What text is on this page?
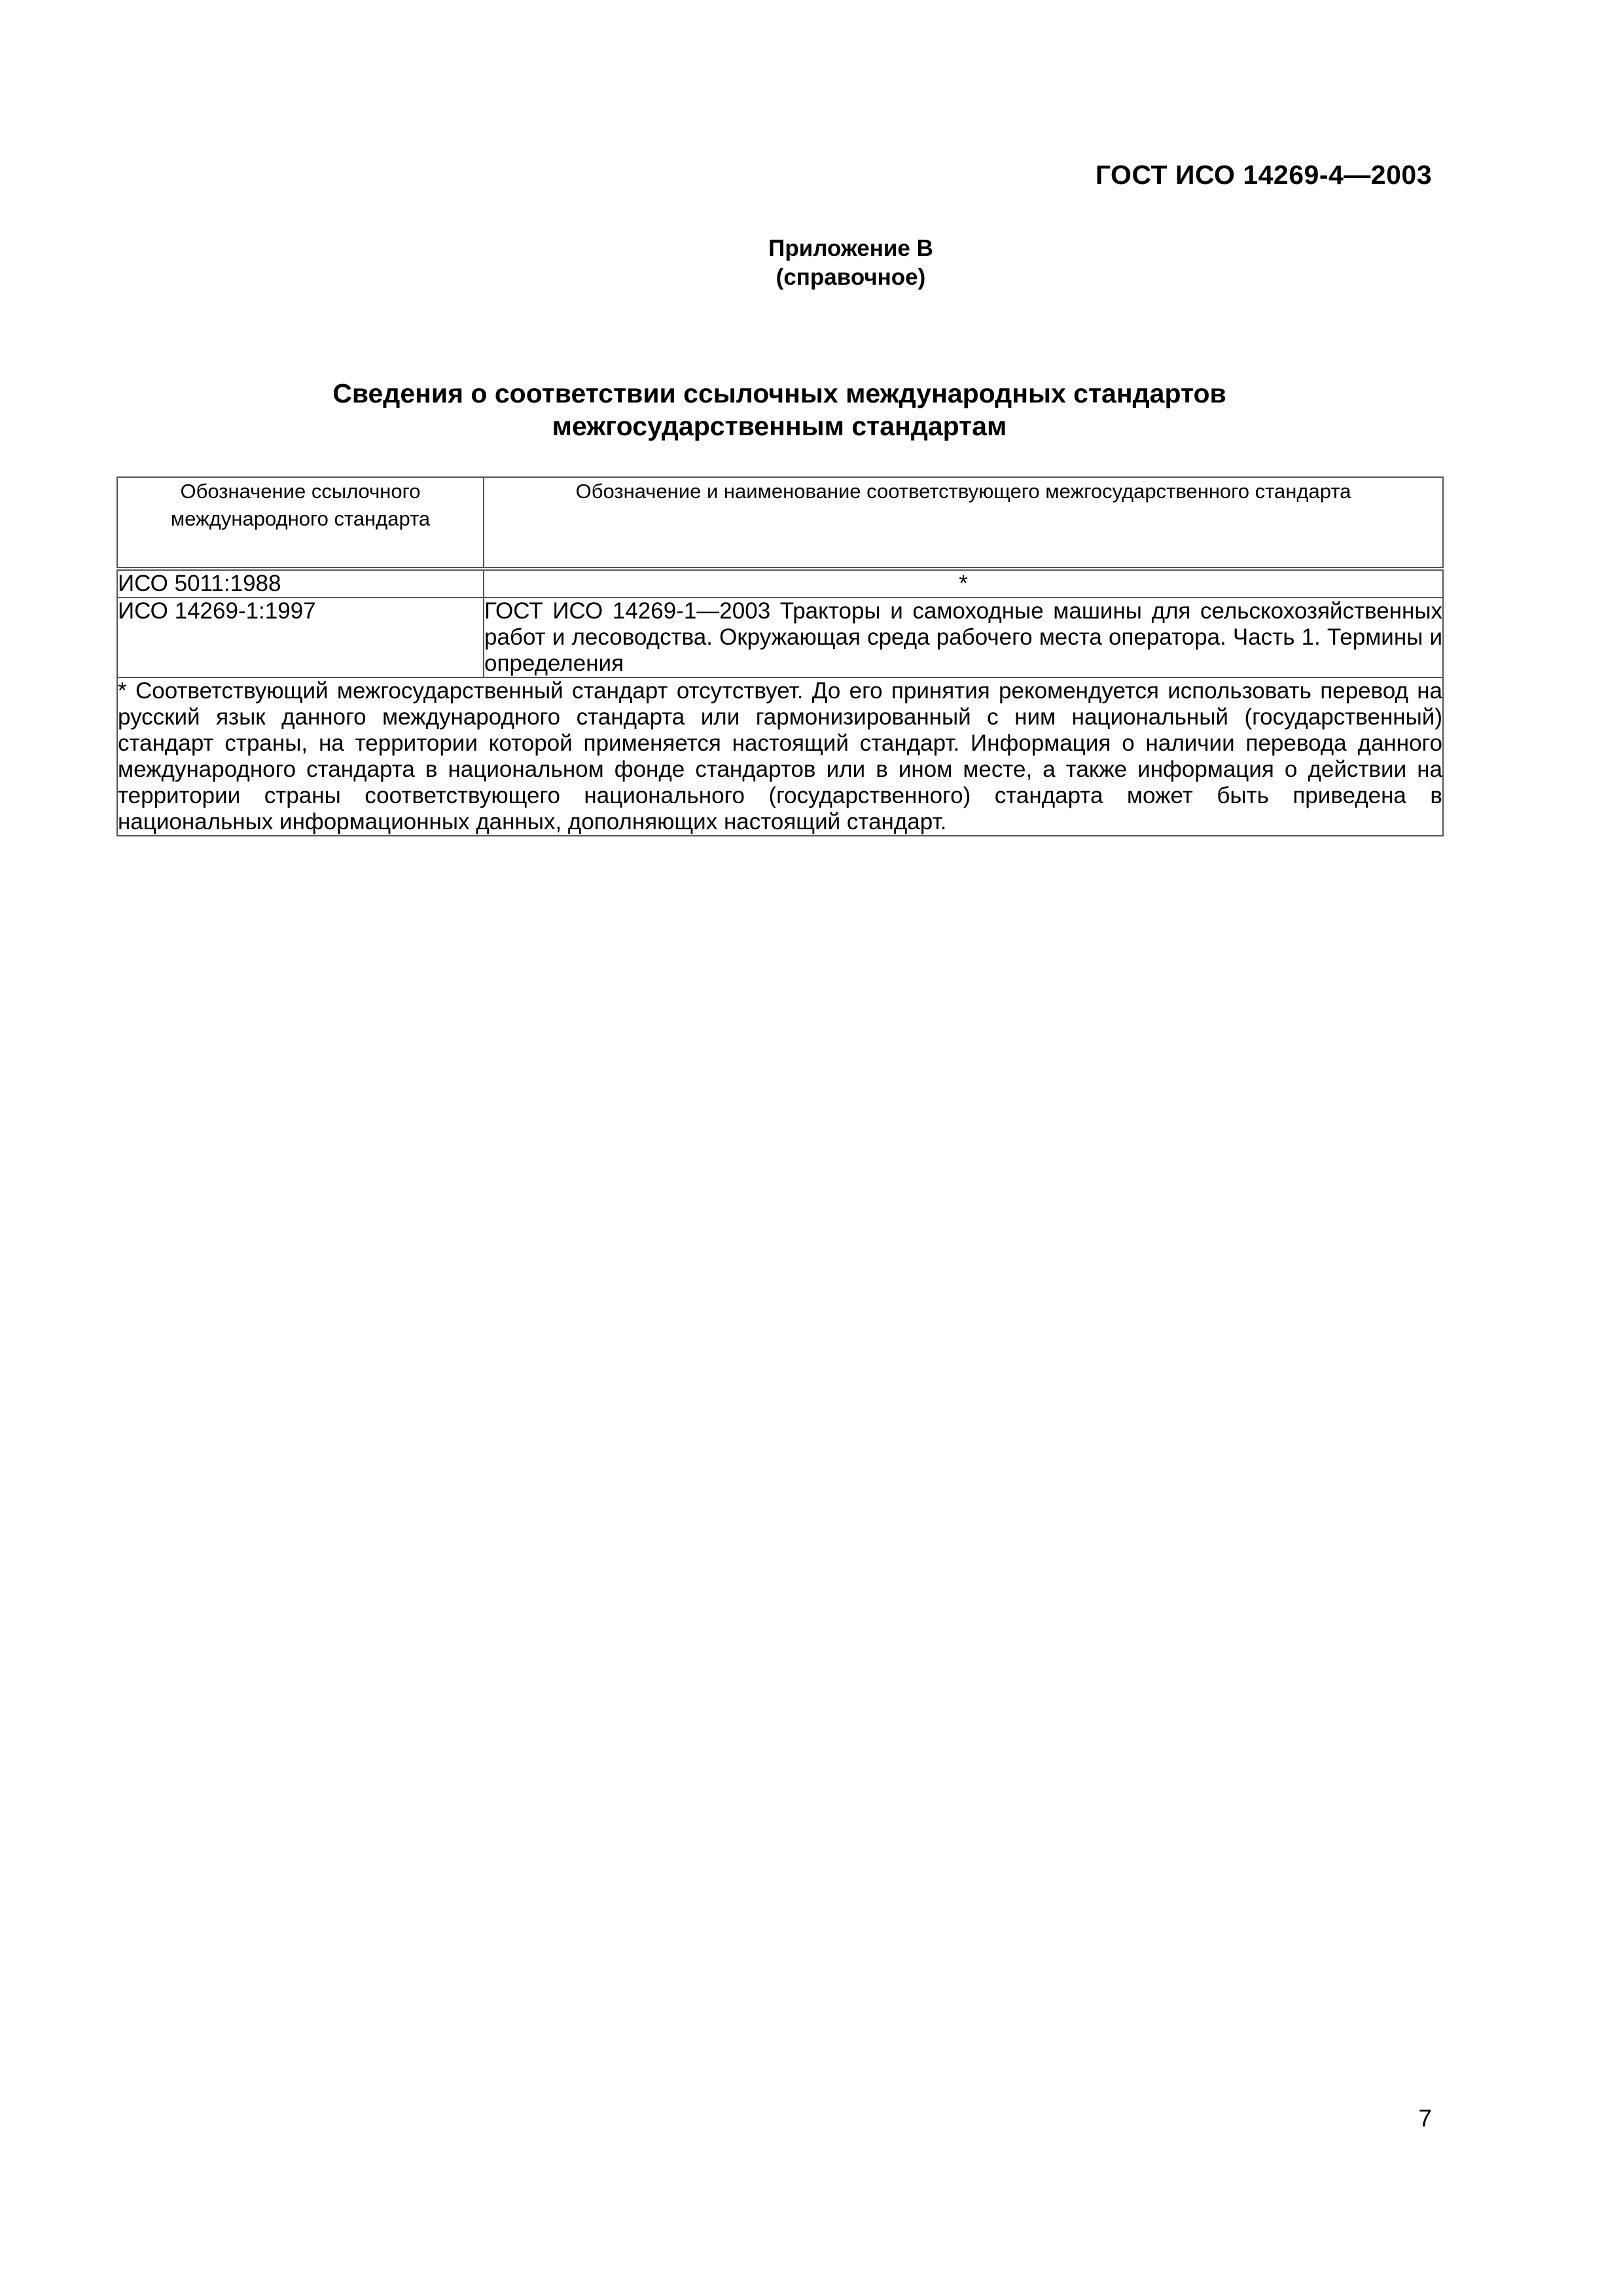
ГОСТ ИСО 14269-4—2003
Приложение В
(справочное)
Сведения о соответствии ссылочных международных стандартов
межгосударственным стандартам
Обозначение ссылочного международного стандарта	Обозначение и наименование соответствующего межгосударственного стандарта
ИСО 5011:1988	*
ИСО 14269-1:1997	ГОСТ ИСО 14269-1—2003 Тракторы и самоходные машины для сельскохозяйственных работ и лесоводства. Окружающая среда рабочего места оператора. Часть 1. Термины и определения
* Соответствующий межгосударственный стандарт отсутствует. До его принятия рекомендуется использовать перевод на русский язык данного международного стандарта или гармонизированный с ним национальный (государственный) стандарт страны, на территории которой применяется настоящий стандарт. Информация о наличии перевода данного международного стандарта в национальном фонде стандартов или в ином месте, а также информация о действии на территории страны соответствующего национального (государственного) стандарта может быть приведена в национальных информационных данных, дополняющих настоящий стандарт.	
7
